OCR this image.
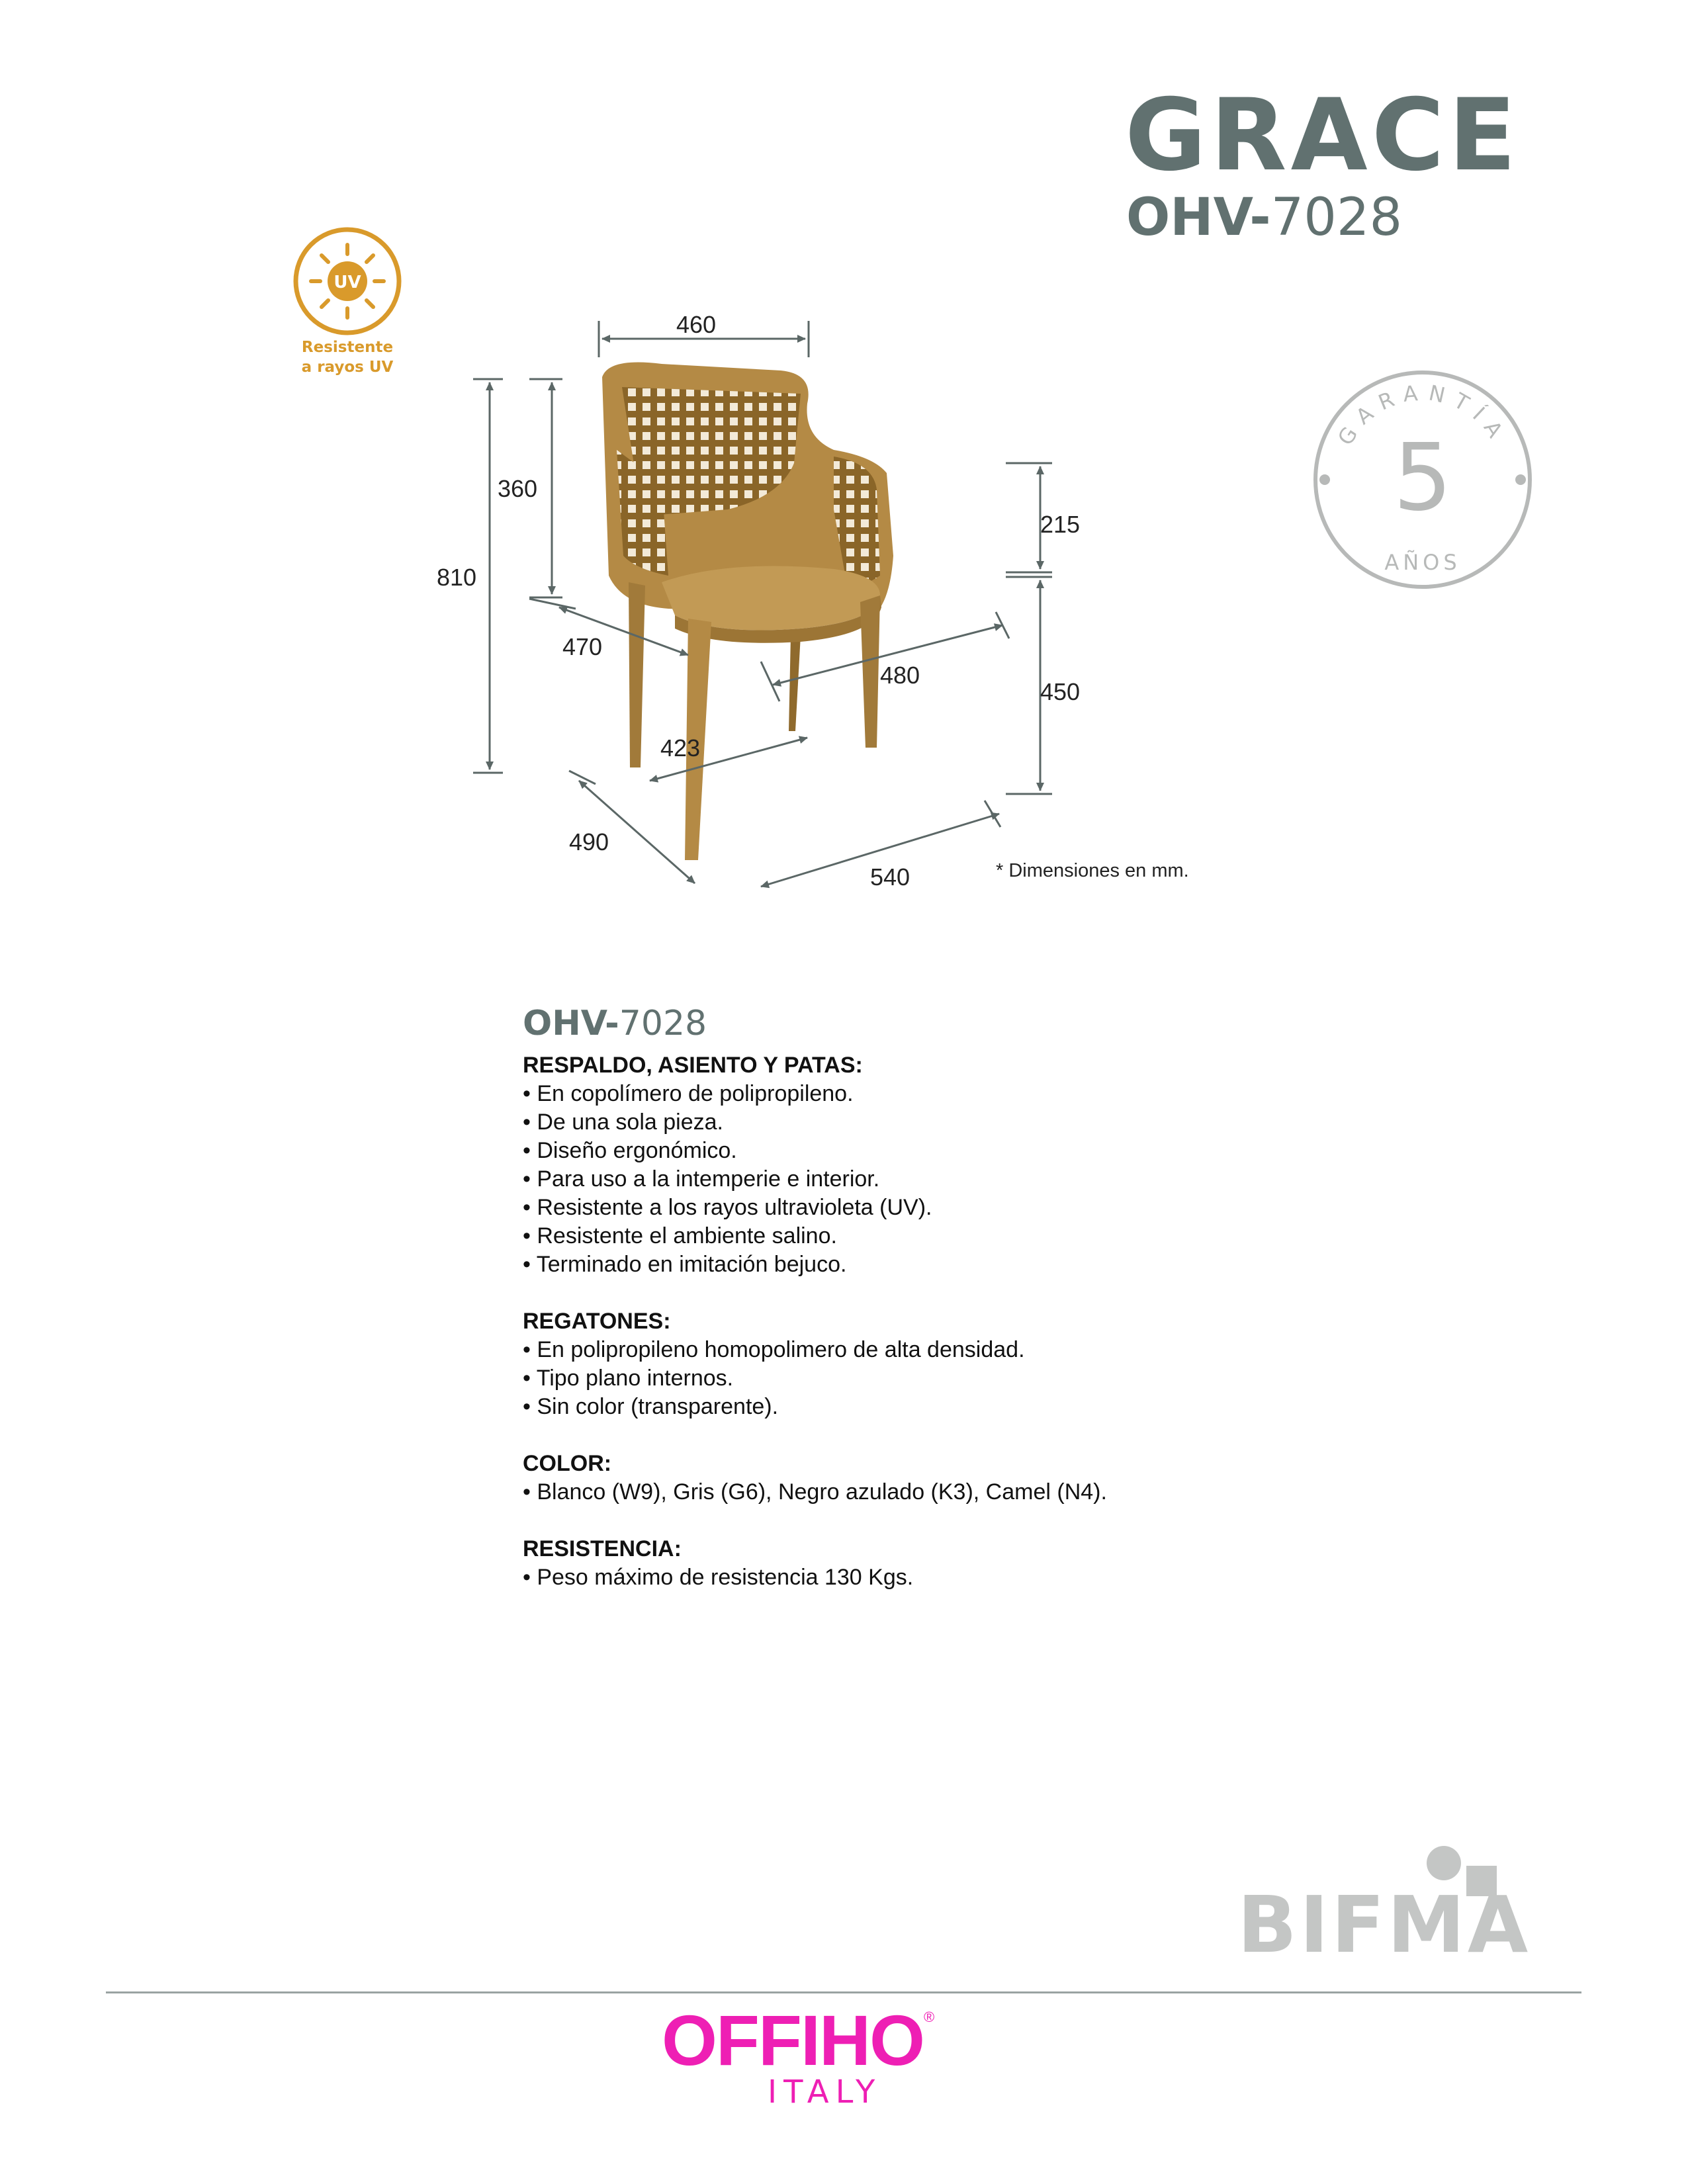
GRACE
OHV-7028
UV
Resistente
a rayos UV
GARANTÍA
5
AÑOS
460
360
810
215
450
470
480
423
490
540	* Dimensiones en mm.
OHV-7028
RESPALDO, ASIENTO Y PATAS:
• En copolímero de polipropileno.
• De una sola pieza.
• Diseño ergonómico.
• Para uso a la intemperie e interior.
• Resistente a los rayos ultravioleta (UV).
• Resistente el ambiente salino.
• Terminado en imitación bejuco.
REGATONES:
• En polipropileno homopolimero de alta densidad.
• Tipo plano internos.
• Sin color (transparente).
COLOR:
• Blanco (W9), Gris (G6), Negro azulado (K3), Camel (N4).
RESISTENCIA:
• Peso máximo de resistencia 130 Kgs.
BIFMA
OFFIHO®
ITALY
